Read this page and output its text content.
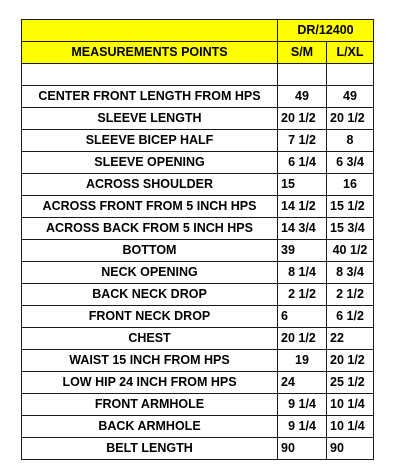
	DR/12400	
MEASUREMENTS POINTS	S/M	L/XL

CENTER FRONT LENGTH FROM HPS	49	49
SLEEVE LENGTH	20 1/2	20 1/2
SLEEVE BICEP HALF	7 1/2	8
SLEEVE OPENING	6 1/4	6 3/4
ACROSS SHOULDER	15	16
ACROSS FRONT FROM 5 INCH HPS	14 1/2	15 1/2
ACROSS BACK FROM 5 INCH HPS	14 3/4	15 3/4
BOTTOM	39	40 1/2
NECK OPENING	8 1/4	8 3/4
BACK NECK DROP	2 1/2	2 1/2
FRONT NECK DROP	6	6 1/2
CHEST	20 1/2	22
WAIST 15 INCH FROM HPS	19	20 1/2
LOW HIP 24 INCH FROM HPS	24	25 1/2
FRONT ARMHOLE	9 1/4	10 1/4
BACK ARMHOLE	9 1/4	10 1/4
BELT LENGTH	90	90
